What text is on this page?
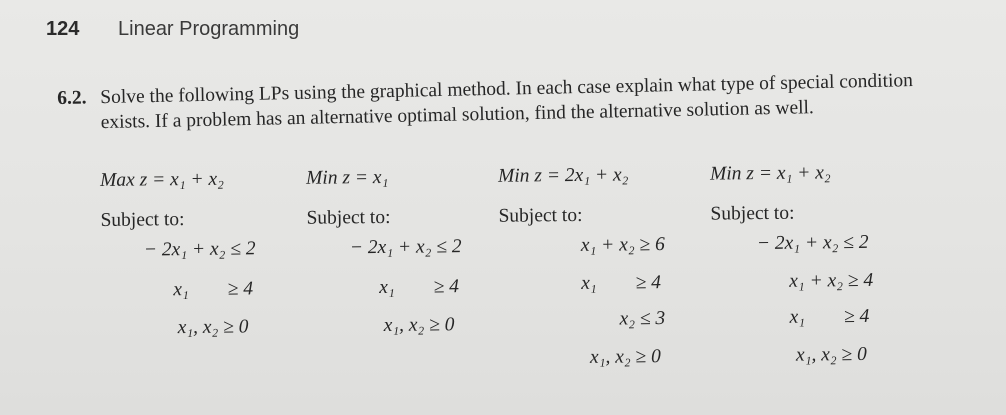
124 Linear Programming
6.2. Solve the following LPs using the graphical method. In each case explain what type of special condition exists. If a problem has an alternative optimal solution, find the alternative solution as well.
Max z = x₁ + x₂
Subject to:
− 2x₁ + x₂ ≤ 2
x₁        ≥ 4
x₁, x₂ ≥ 0
Min z = x₁
Subject to:
− 2x₁ + x₂ ≤ 2
x₁        ≥ 4
x₁, x₂ ≥ 0
Min z = 2x₁ + x₂
Subject to:
x₁ + x₂ ≥ 6
x₁        ≥ 4
x₂ ≤ 3
x₁, x₂ ≥ 0
Min z = x₁ + x₂
Subject to:
− 2x₁ + x₂ ≤ 2
x₁ + x₂ ≥ 4
x₁        ≥ 4
x₁, x₂ ≥ 0
